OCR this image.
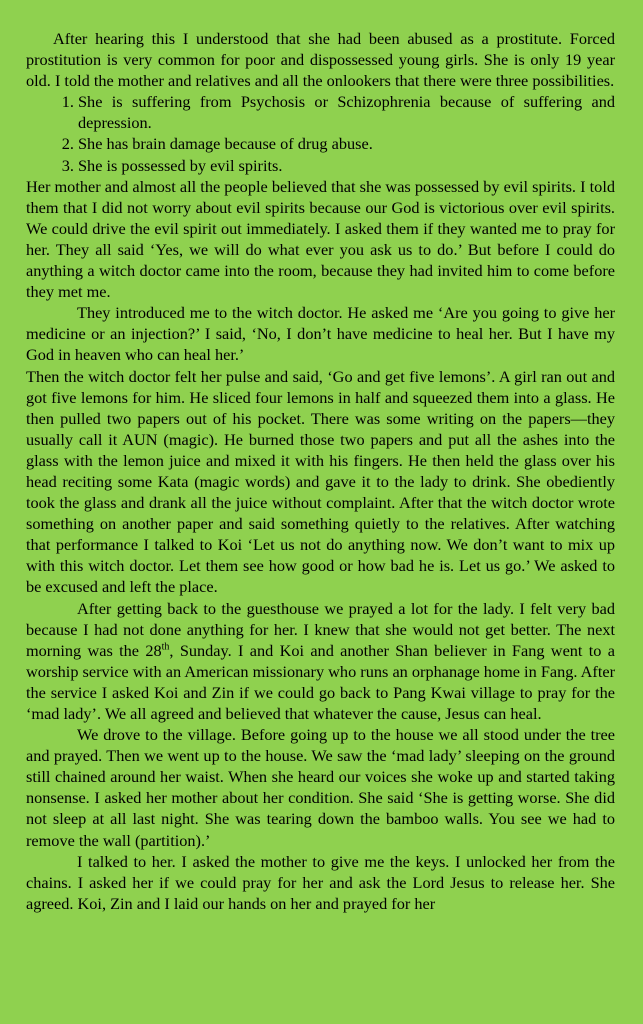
After hearing this I understood that she had been abused as a prostitute. Forced prostitution is very common for poor and dispossessed young girls. She is only 19 year old. I told the mother and relatives and all the onlookers that there were three possibilities.

1. She is suffering from Psychosis or Schizophrenia because of suffering and depression.
2. She has brain damage because of drug abuse.
3. She is possessed by evil spirits.

Her mother and almost all the people believed that she was possessed by evil spirits. I told them that I did not worry about evil spirits because our God is victorious over evil spirits. We could drive the evil spirit out immediately. I asked them if they wanted me to pray for her. They all said ‘Yes, we will do what ever you ask us to do.’ But before I could do anything a witch doctor came into the room, because they had invited him to come before they met me.

They introduced me to the witch doctor. He asked me ‘Are you going to give her medicine or an injection?’ I said, ‘No, I don’t have medicine to heal her. But I have my God in heaven who can heal her.’

Then the witch doctor felt her pulse and said, ‘Go and get five lemons’. A girl ran out and got five lemons for him. He sliced four lemons in half and squeezed them into a glass. He then pulled two papers out of his pocket. There was some writing on the papers—they usually call it AUN (magic). He burned those two papers and put all the ashes into the glass with the lemon juice and mixed it with his fingers. He then held the glass over his head reciting some Kata (magic words) and gave it to the lady to drink. She obediently took the glass and drank all the juice without complaint. After that the witch doctor wrote something on another paper and said something quietly to the relatives. After watching that performance I talked to Koi ‘Let us not do anything now. We don’t want to mix up with this witch doctor. Let them see how good or how bad he is. Let us go.’ We asked to be excused and left the place.

After getting back to the guesthouse we prayed a lot for the lady. I felt very bad because I had not done anything for her. I knew that she would not get better. The next morning was the 28th, Sunday. I and Koi and another Shan believer in Fang went to a worship service with an American missionary who runs an orphanage home in Fang. After the service I asked Koi and Zin if we could go back to Pang Kwai village to pray for the ‘mad lady’. We all agreed and believed that whatever the cause, Jesus can heal.

We drove to the village. Before going up to the house we all stood under the tree and prayed. Then we went up to the house. We saw the ‘mad lady’ sleeping on the ground still chained around her waist. When she heard our voices she woke up and started taking nonsense. I asked her mother about her condition. She said ‘She is getting worse. She did not sleep at all last night. She was tearing down the bamboo walls. You see we had to remove the wall (partition).’

I talked to her. I asked the mother to give me the keys. I unlocked her from the chains. I asked her if we could pray for her and ask the Lord Jesus to release her. She agreed. Koi, Zin and I laid our hands on her and prayed for her
